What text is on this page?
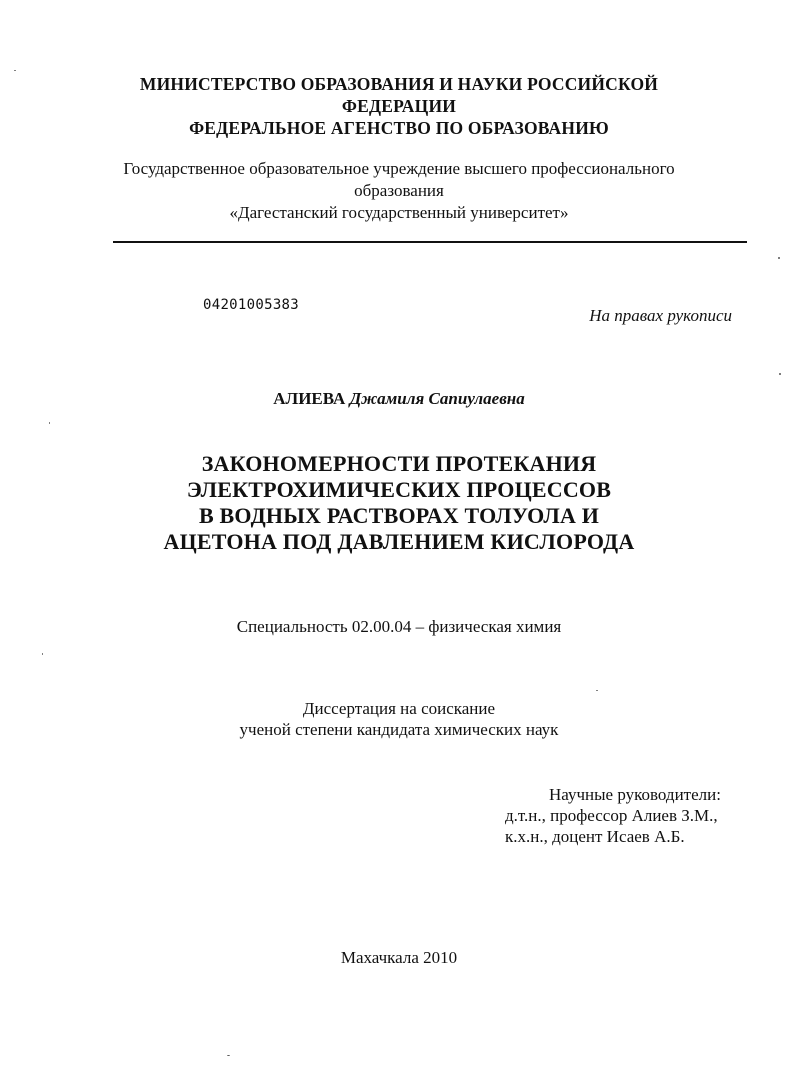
МИНИСТЕРСТВО ОБРАЗОВАНИЯ И НАУКИ РОССИЙСКОЙ
ФЕДЕРАЦИИ
ФЕДЕРАЛЬНОЕ АГЕНСТВО ПО ОБРАЗОВАНИЮ
Государственное образовательное учреждение высшего профессионального
образования
«Дагестанский государственный университет»
04201005383
На правах рукописи
АЛИЕВА Джамиля Сапиулаевна
ЗАКОНОМЕРНОСТИ ПРОТЕКАНИЯ
ЭЛЕКТРОХИМИЧЕСКИХ ПРОЦЕССОВ
В ВОДНЫХ РАСТВОРАХ ТОЛУОЛА И
АЦЕТОНА ПОД ДАВЛЕНИЕМ КИСЛОРОДА
Специальность 02.00.04 – физическая химия
Диссертация на соискание
ученой степени кандидата химических наук
Научные руководители:
д.т.н., профессор Алиев З.М.,
к.х.н., доцент Исаев А.Б.
Махачкала 2010
